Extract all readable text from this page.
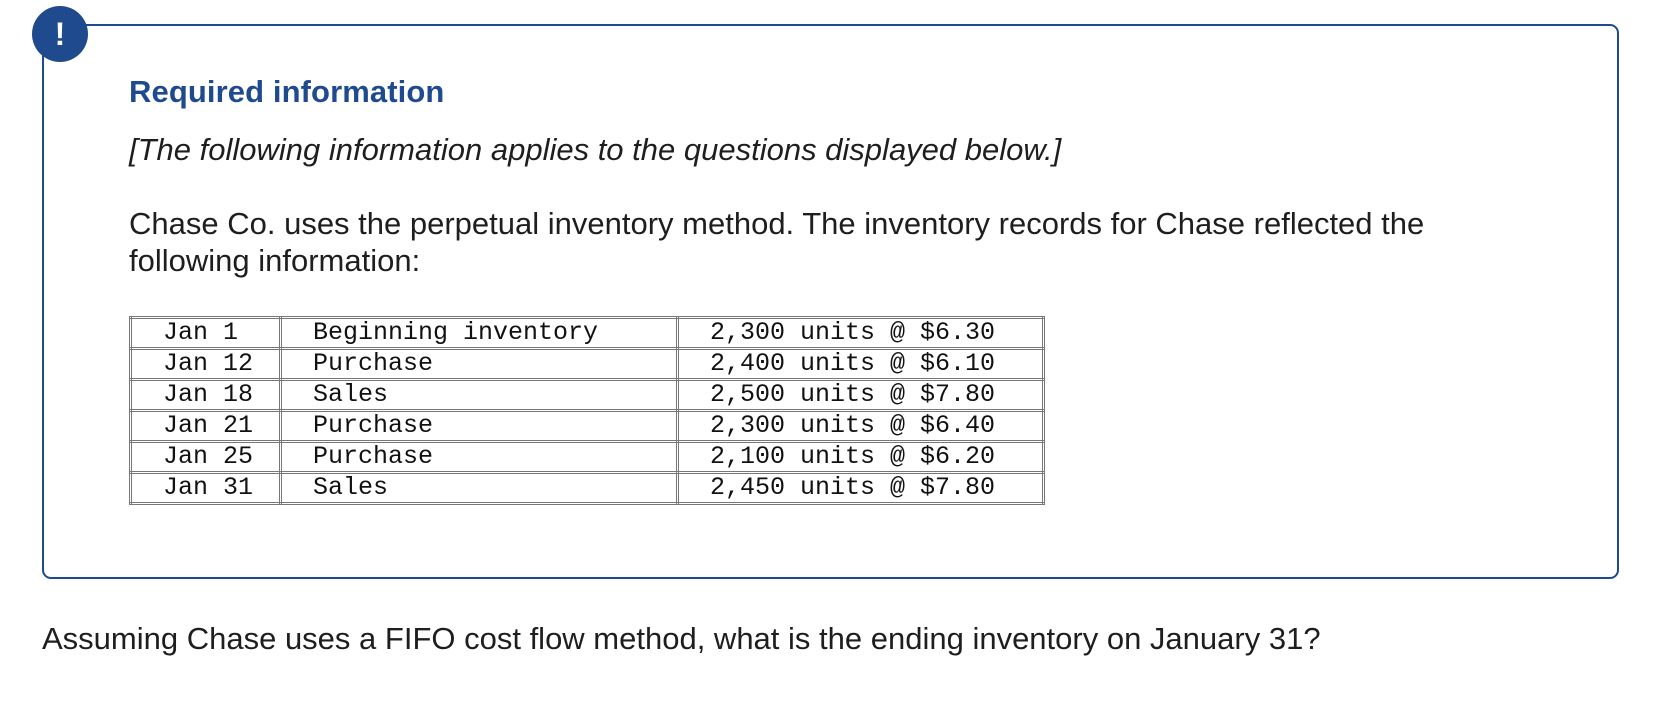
!
Required information

[The following information applies to the questions displayed below.]

Chase Co. uses the perpetual inventory method. The inventory records for Chase reflected the following information:

Jan 1	Beginning inventory	2,300 units @ $6.30
Jan 12	Purchase	2,400 units @ $6.10
Jan 18	Sales	2,500 units @ $7.80
Jan 21	Purchase	2,300 units @ $6.40
Jan 25	Purchase	2,100 units @ $6.20
Jan 31	Sales	2,450 units @ $7.80

Assuming Chase uses a FIFO cost flow method, what is the ending inventory on January 31?
